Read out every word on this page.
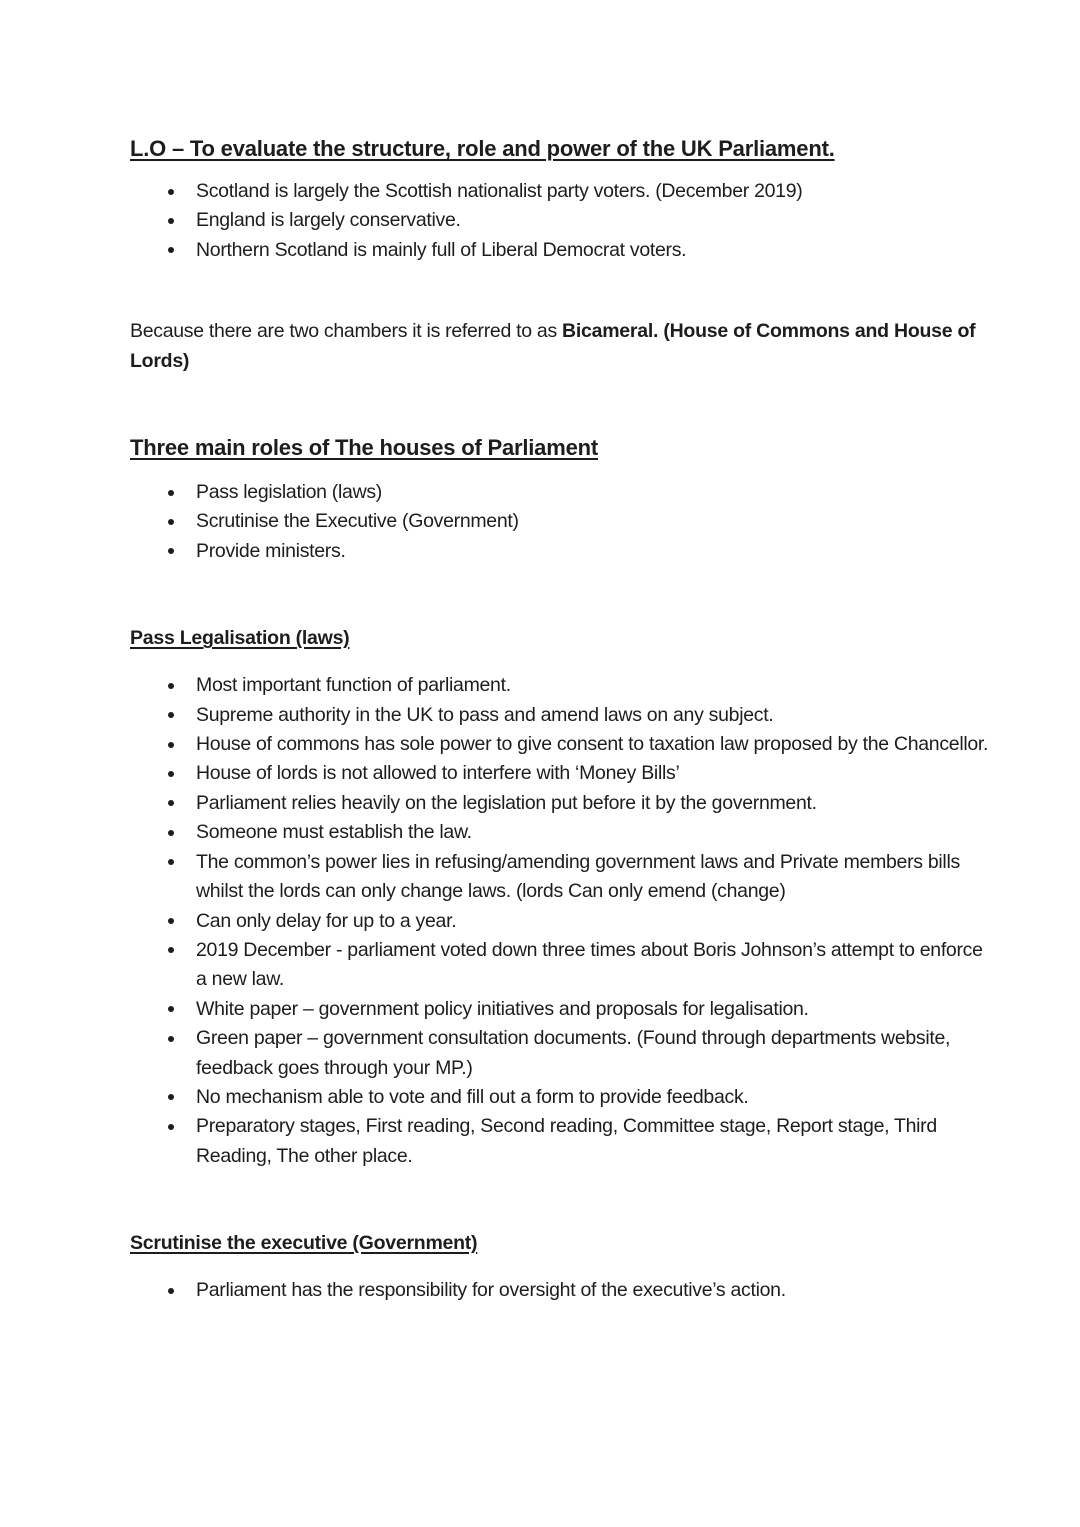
L.O – To evaluate the structure, role and power of the UK Parliament.
Scotland is largely the Scottish nationalist party voters. (December 2019)
England is largely conservative.
Northern Scotland is mainly full of Liberal Democrat voters.

Because there are two chambers it is referred to as Bicameral. (House of Commons and House of Lords)

Three main roles of The houses of Parliament
Pass legislation (laws)
Scrutinise the Executive (Government)
Provide ministers.
Pass Legalisation (laws)
Most important function of parliament.
Supreme authority in the UK to pass and amend laws on any subject.
House of commons has sole power to give consent to taxation law proposed by the Chancellor.
House of lords is not allowed to interfere with ‘Money Bills’
Parliament relies heavily on the legislation put before it by the government.
Someone must establish the law.
The common’s power lies in refusing/amending government laws and Private members bills whilst the lords can only change laws. (lords Can only emend (change)
Can only delay for up to a year.
2019 December - parliament voted down three times about Boris Johnson’s attempt to enforce a new law.
White paper – government policy initiatives and proposals for legalisation.
Green paper – government consultation documents. (Found through departments website, feedback goes through your MP.)
No mechanism able to vote and fill out a form to provide feedback.
Preparatory stages, First reading, Second reading, Committee stage, Report stage, Third Reading, The other place.
Scrutinise the executive (Government)
Parliament has the responsibility for oversight of the executive’s action.
